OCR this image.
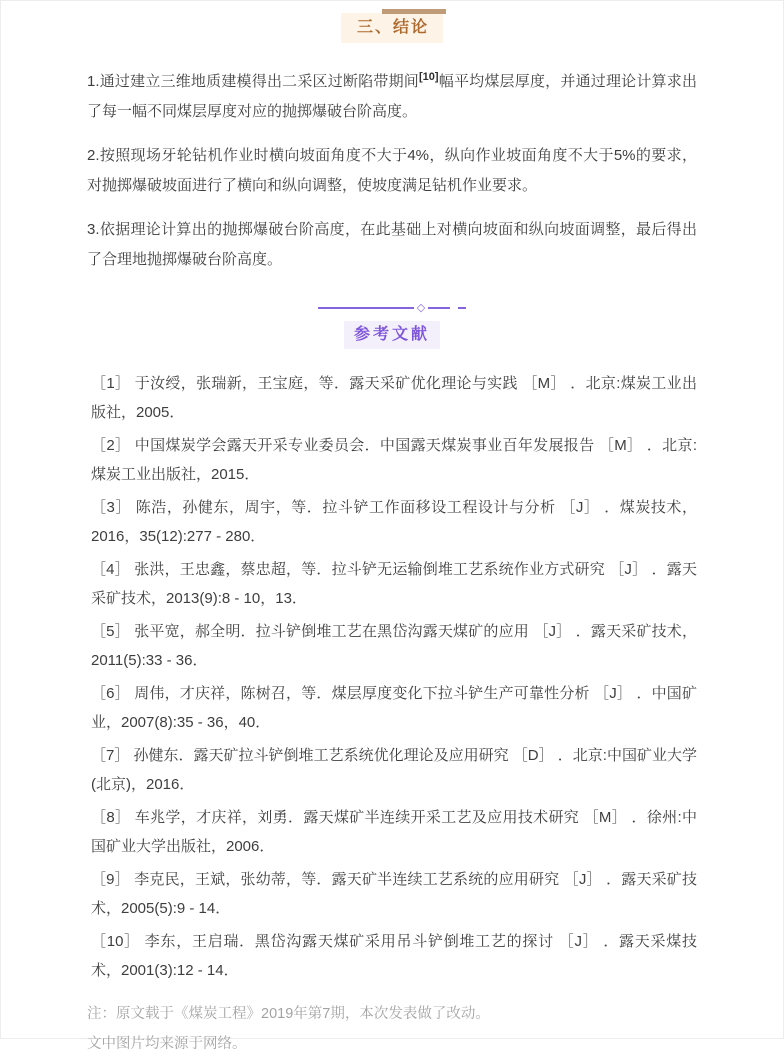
三、结论

1.通过建立三维地质建模得出二采区过断陷带期间[10]幅平均煤层厚度，并通过理论计算求出了每一幅不同煤层厚度对应的抛掷爆破台阶高度。

2.按照现场牙轮钻机作业时横向坡面角度不大于4%，纵向作业坡面角度不大于5%的要求，对抛掷爆破坡面进行了横向和纵向调整，使坡度满足钻机作业要求。

3.依据理论计算出的抛掷爆破台阶高度，在此基础上对横向坡面和纵向坡面调整，最后得出了合理地抛掷爆破台阶高度。

◇
参考文献

［1］ 于汝绶，张瑞新，王宝庭，等．露天采矿优化理论与实践 ［M］ ．北京:煤炭工业出版社，2005．

［2］ 中国煤炭学会露天开采专业委员会．中国露天煤炭事业百年发展报告 ［M］ ．北京:煤炭工业出版社，2015．

［3］ 陈浩，孙健东，周宇，等．拉斗铲工作面移设工程设计与分析 ［J］ ．煤炭技术，2016，35(12):277 - 280．

［4］ 张洪，王忠鑫，蔡忠超，等．拉斗铲无运输倒堆工艺系统作业方式研究 ［J］ ．露天采矿技术，2013(9):8 - 10，13．

［5］ 张平宽，郝全明．拉斗铲倒堆工艺在黑岱沟露天煤矿的应用 ［J］ ．露天采矿技术，2011(5):33 - 36．

［6］ 周伟，才庆祥，陈树召，等．煤层厚度变化下拉斗铲生产可靠性分析 ［J］ ．中国矿业，2007(8):35 - 36，40．

［7］ 孙健东．露天矿拉斗铲倒堆工艺系统优化理论及应用研究 ［D］ ．北京:中国矿业大学(北京)，2016．

［8］ 车兆学，才庆祥，刘勇．露天煤矿半连续开采工艺及应用技术研究 ［M］ ．徐州:中国矿业大学出版社，2006．

［9］ 李克民，王斌，张幼蒂，等．露天矿半连续工艺系统的应用研究 ［J］ ．露天采矿技术，2005(5):9 - 14．

［10］ 李东，王启瑞．黑岱沟露天煤矿采用吊斗铲倒堆工艺的探讨 ［J］ ．露天采煤技术，2001(3):12 - 14．

注：原文载于《煤炭工程》2019年第7期，本次发表做了改动。

文中图片均来源于网络。
